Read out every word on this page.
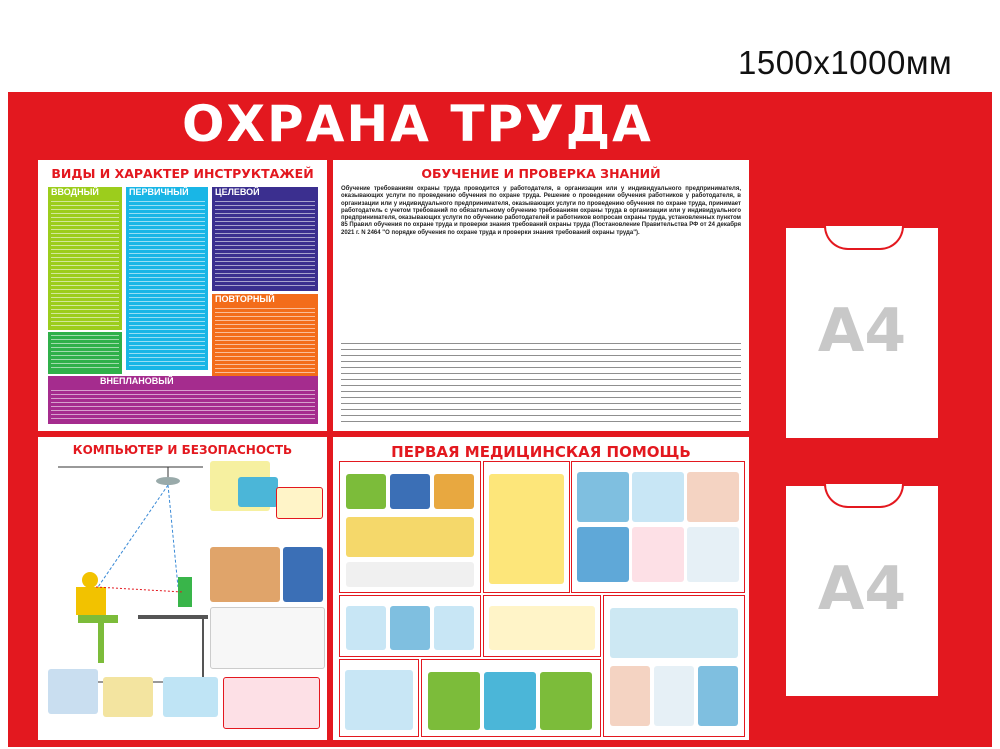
1500x1000мм
ОХРАНА ТРУДА
ВИДЫ И ХАРАКТЕР ИНСТРУКТАЖЕЙ
ВВОДНЫЙ	ПЕРВИЧНЫЙ	ЦЕЛЕВОЙ
ПОВТОРНЫЙ
ВНЕПЛАНОВЫЙ
ОБУЧЕНИЕ И ПРОВЕРКА ЗНАНИЙ
Обучение требованиям охраны труда проводится у работодателя, в организации или у индивидуального предпринимателя, оказывающих услуги по проведению обучения по охране труда. Решение о проведении обучения работников у работодателя, в организации или у индивидуального предпринимателя, оказывающих услуги по проведению обучения по охране труда, принимает работодатель с учетом требований по обязательному обучению требованиям охраны труда в организации или у индивидуального предпринимателя, оказывающих услуги по обучению работодателей и работников вопросам охраны труда, установленных пунктом 85 Правил обучения по охране труда и проверки знания требований охраны труда (Постановление Правительства РФ от 24 декабря 2021 г. N 2464 "О порядке обучения по охране труда и проверки знания требований охраны труда").
КОМПЬЮТЕР И БЕЗОПАСНОСТЬ	ПЕРВАЯ МЕДИЦИНСКАЯ ПОМОЩЬ
A4
A4
